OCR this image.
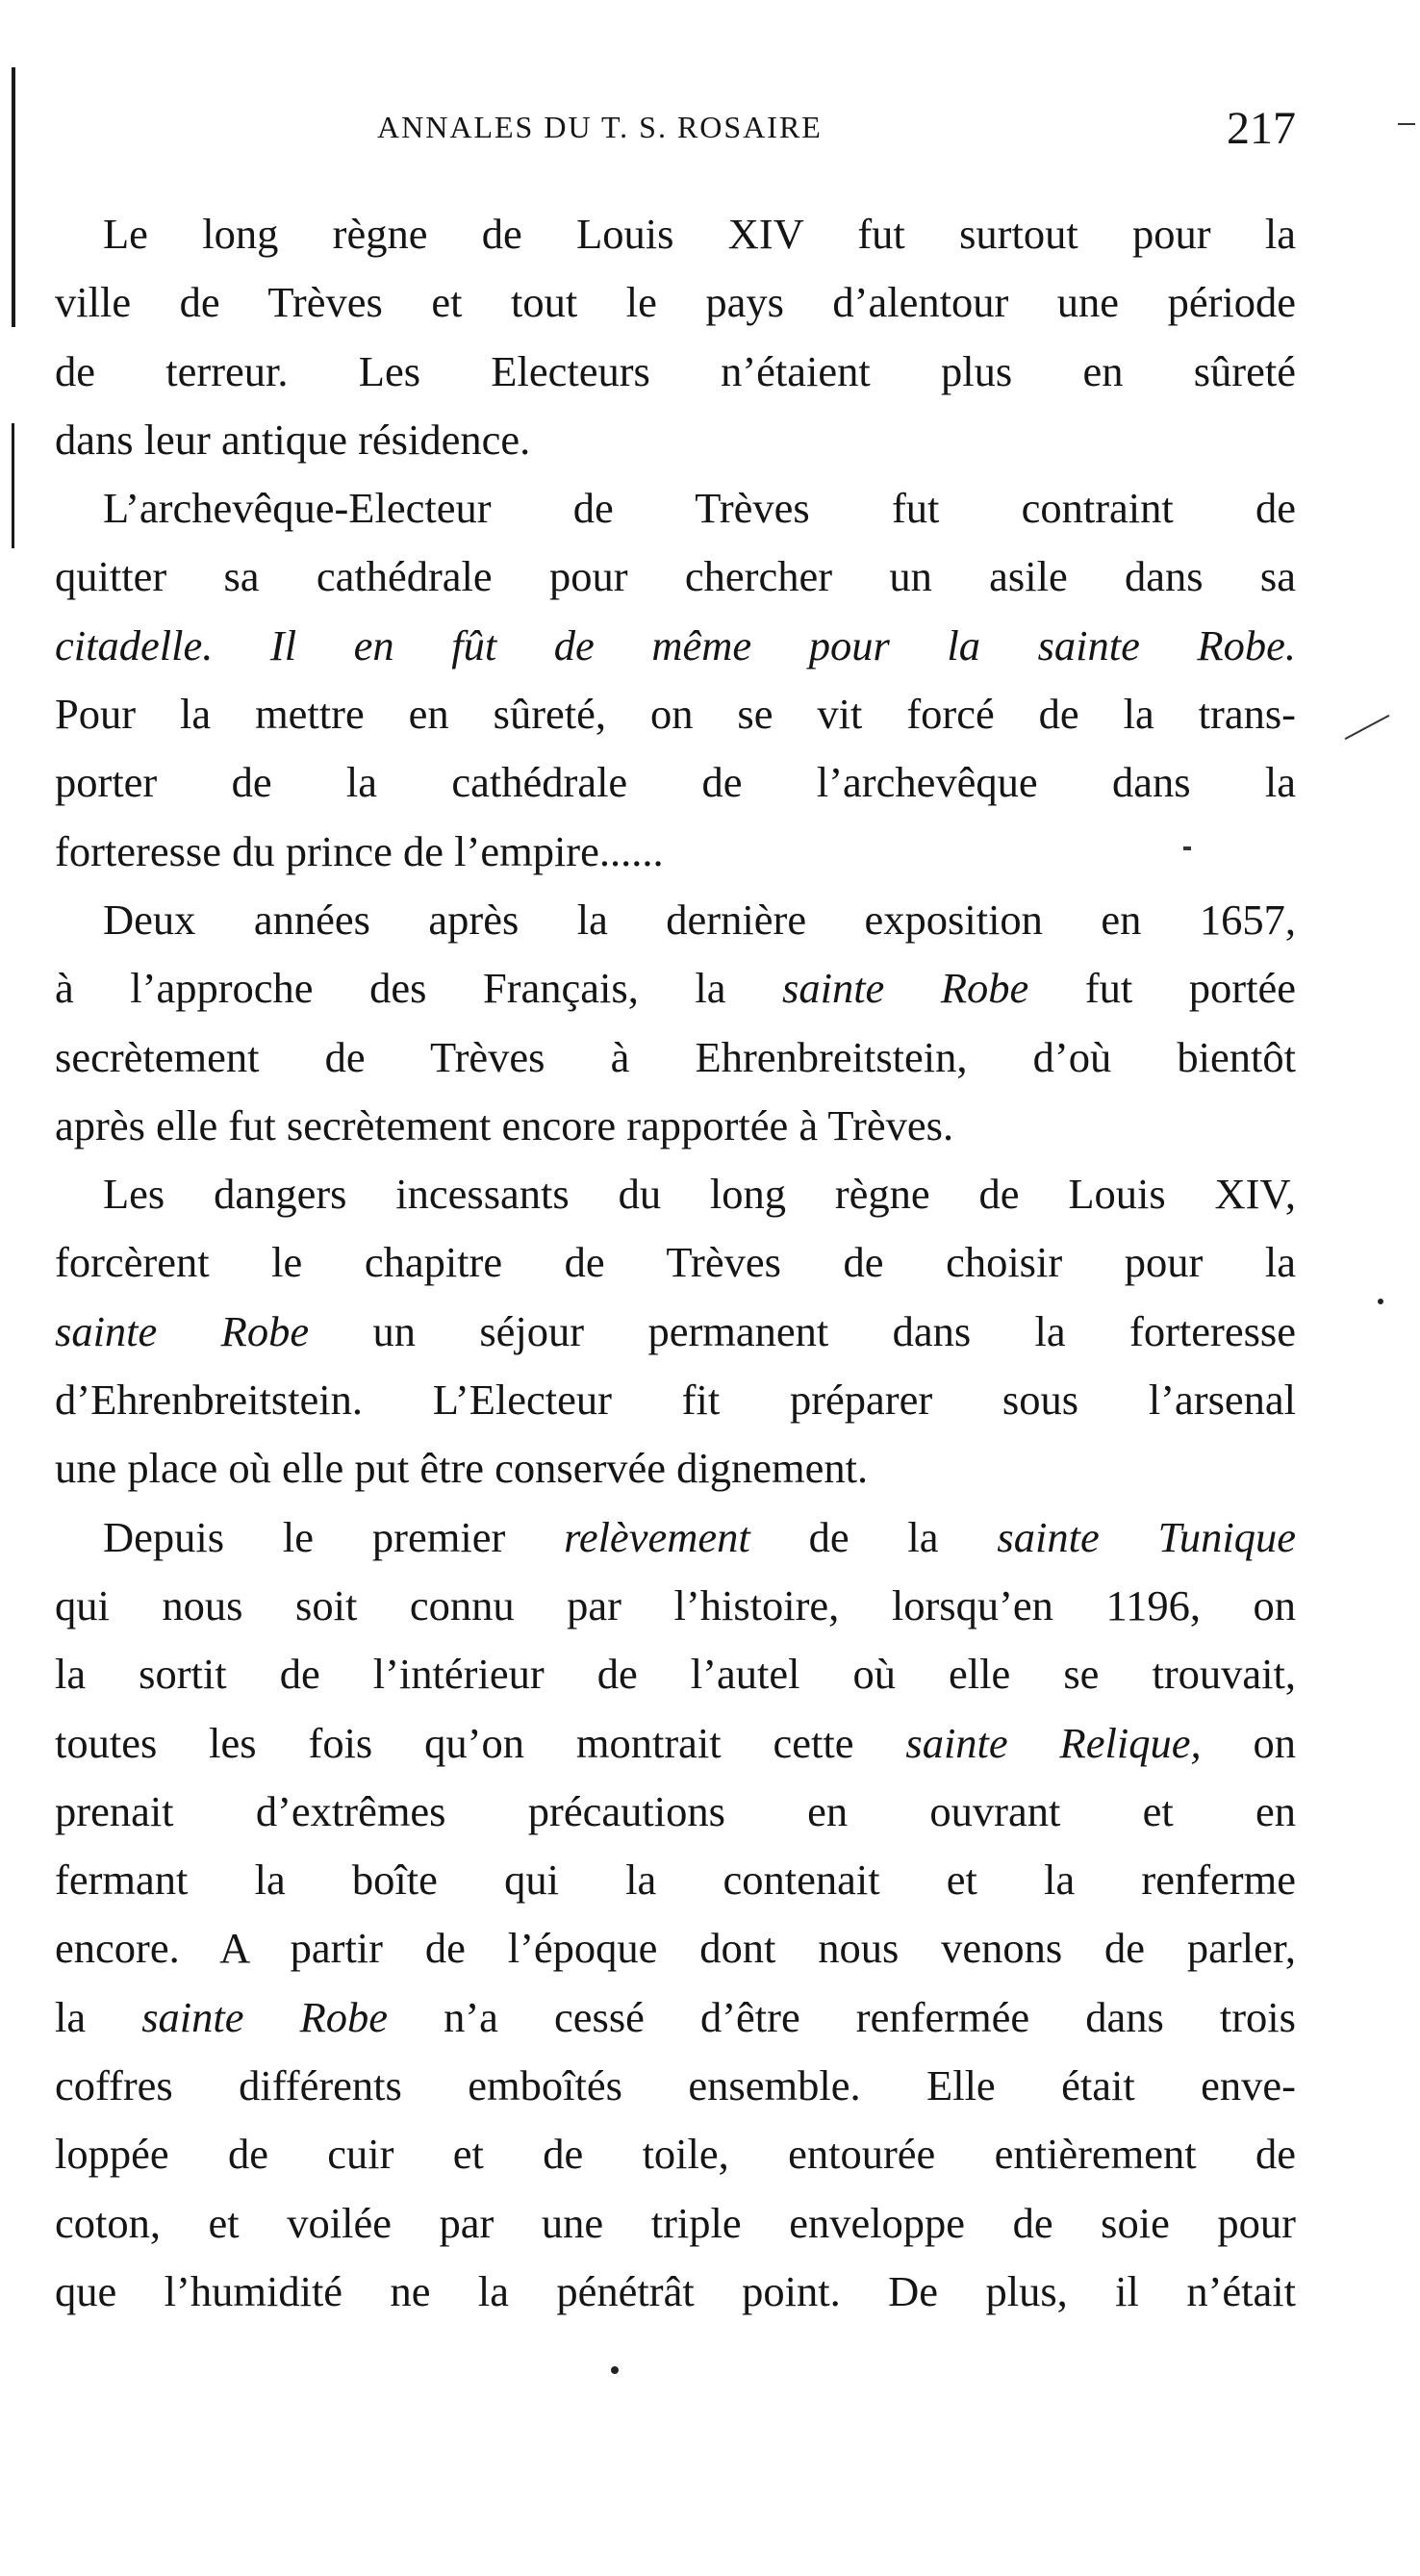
ANNALES DU T. S. ROSAIRE	217
Le long règne de Louis XIV fut surtout pour la
ville de Trèves et tout le pays d’alentour une période
de terreur. Les Electeurs n’étaient plus en sûreté
dans leur antique résidence.
L’archevêque-Electeur de Trèves fut contraint de
quitter sa cathédrale pour chercher un asile dans sa
citadelle. Il en fût de même pour la sainte Robe.
Pour la mettre en sûreté, on se vit forcé de la trans-
porter de la cathédrale de l’archevêque dans la
forteresse du prince de l’empire......
Deux années après la dernière exposition en 1657,
à l’approche des Français, la sainte Robe fut portée
secrètement de Trèves à Ehrenbreitstein, d’où bientôt
après elle fut secrètement encore rapportée à Trèves.
Les dangers incessants du long règne de Louis XIV,
forcèrent le chapitre de Trèves de choisir pour la
sainte Robe un séjour permanent dans la forteresse
d’Ehrenbreitstein. L’Electeur fit préparer sous l’arsenal
une place où elle put être conservée dignement.
Depuis le premier relèvement de la sainte Tunique
qui nous soit connu par l’histoire, lorsqu’en 1196, on
la sortit de l’intérieur de l’autel où elle se trouvait,
toutes les fois qu’on montrait cette sainte Relique, on
prenait d’extrêmes précautions en ouvrant et en
fermant la boîte qui la contenait et la renferme
encore. A partir de l’époque dont nous venons de parler,
la sainte Robe n’a cessé d’être renfermée dans trois
coffres différents emboîtés ensemble. Elle était enve-
loppée de cuir et de toile, entourée entièrement de
coton, et voilée par une triple enveloppe de soie pour
que l’humidité ne la pénétrât point. De plus, il n’était
